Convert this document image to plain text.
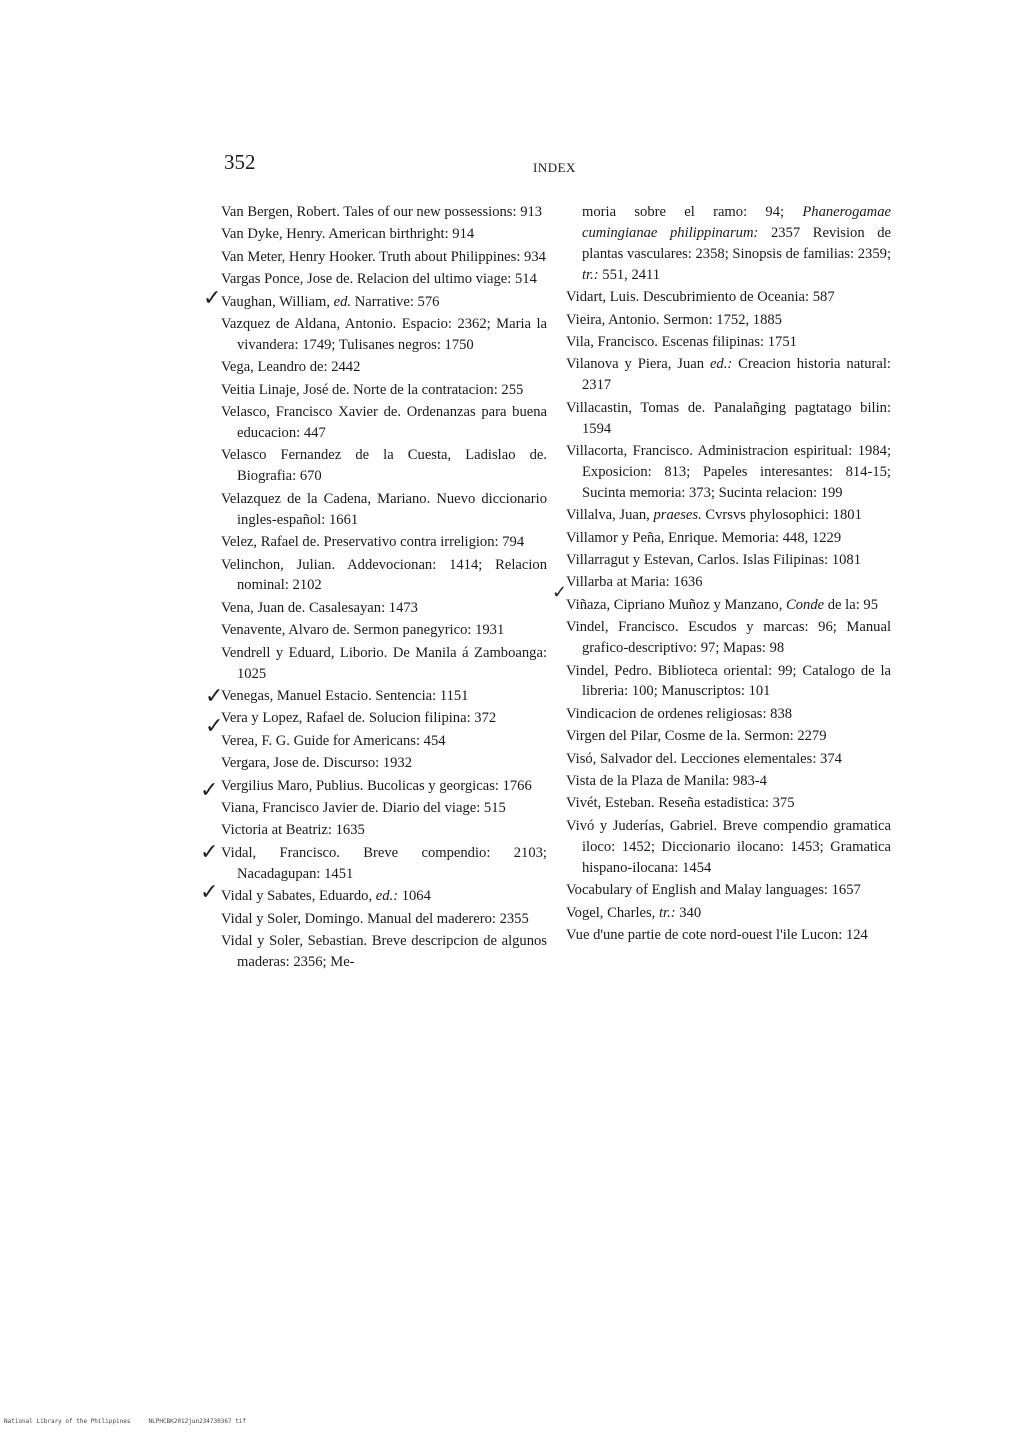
352	INDEX

Van Bergen, Robert. Tales of our new possessions: 913

Van Dyke, Henry. American birthright: 914

Van Meter, Henry Hooker. Truth about Philippines: 934

Vargas Ponce, Jose de. Relacion del ultimo viage: 514

Vaughan, William, ed. Narrative: 576

Vazquez de Aldana, Antonio. Espacio: 2362; Maria la vivandera: 1749; Tulisanes negros: 1750

Vega, Leandro de: 2442

Veitia Linaje, José de. Norte de la contratacion: 255

Velasco, Francisco Xavier de. Ordenanzas para buena educacion: 447

Velasco Fernandez de la Cuesta, Ladislao de. Biografia: 670

Velazquez de la Cadena, Mariano. Nuevo diccionario ingles-español: 1661

Velez, Rafael de. Preservativo contra irreligion: 794

Velinchon, Julian. Addevocionan: 1414; Relacion nominal: 2102

Vena, Juan de. Casalesayan: 1473

Venavente, Alvaro de. Sermon panegyrico: 1931

Vendrell y Eduard, Liborio. De Manila á Zamboanga: 1025

Venegas, Manuel Estacio. Sentencia: 1151

Vera y Lopez, Rafael de. Solucion filipina: 372

Verea, F. G. Guide for Americans: 454

Vergara, Jose de. Discurso: 1932

Vergilius Maro, Publius. Bucolicas y georgicas: 1766

Viana, Francisco Javier de. Diario del viage: 515

Victoria at Beatriz: 1635

Vidal, Francisco. Breve compendio: 2103; Nacadagupan: 1451

Vidal y Sabates, Eduardo, ed.: 1064

Vidal y Soler, Domingo. Manual del maderero: 2355

Vidal y Soler, Sebastian. Breve descripcion de algunos maderas: 2356; Me-

moria sobre el ramo: 94; Phanerogamae cumingianae philippinarum: 2357 Revision de plantas vasculares: 2358; Sinopsis de familias: 2359; tr.: 551, 2411

Vidart, Luis. Descubrimiento de Oceania: 587

Vieira, Antonio. Sermon: 1752, 1885

Vila, Francisco. Escenas filipinas: 1751

Vilanova y Piera, Juan ed.: Creacion historia natural: 2317

Villacastin, Tomas de. Panalañging pagtatago bilin: 1594

Villacorta, Francisco. Administracion espiritual: 1984; Exposicion: 813; Papeles interesantes: 814-15; Sucinta memoria: 373; Sucinta relacion: 199

Villalva, Juan, praeses. Cvrsvs phylosophici: 1801

Villamor y Peña, Enrique. Memoria: 448, 1229

Villarragut y Estevan, Carlos. Islas Filipinas: 1081

Villarba at Maria: 1636

Viñaza, Cipriano Muñoz y Manzano, Conde de la: 95

Vindel, Francisco. Escudos y marcas: 96; Manual grafico-descriptivo: 97; Mapas: 98

Vindel, Pedro. Biblioteca oriental: 99; Catalogo de la libreria: 100; Manuscriptos: 101

Vindicacion de ordenes religiosas: 838

Virgen del Pilar, Cosme de la. Sermon: 2279

Visó, Salvador del. Lecciones elementales: 374

Vista de la Plaza de Manila: 983-4

Vivét, Esteban. Reseña estadistica: 375

Vivó y Juderías, Gabriel. Breve compendio gramatica iloco: 1452; Diccionario ilocano: 1453; Gramatica hispano-ilocana: 1454

Vocabulary of English and Malay languages: 1657

Vogel, Charles, tr.: 340

Vue d'une partie de cote nord-ouest l'ile Lucon: 124

✓
✓
✓
✓
✓
✓
✓
National Library of the Philippines     NLPHCBK2012jun234730367 tif
